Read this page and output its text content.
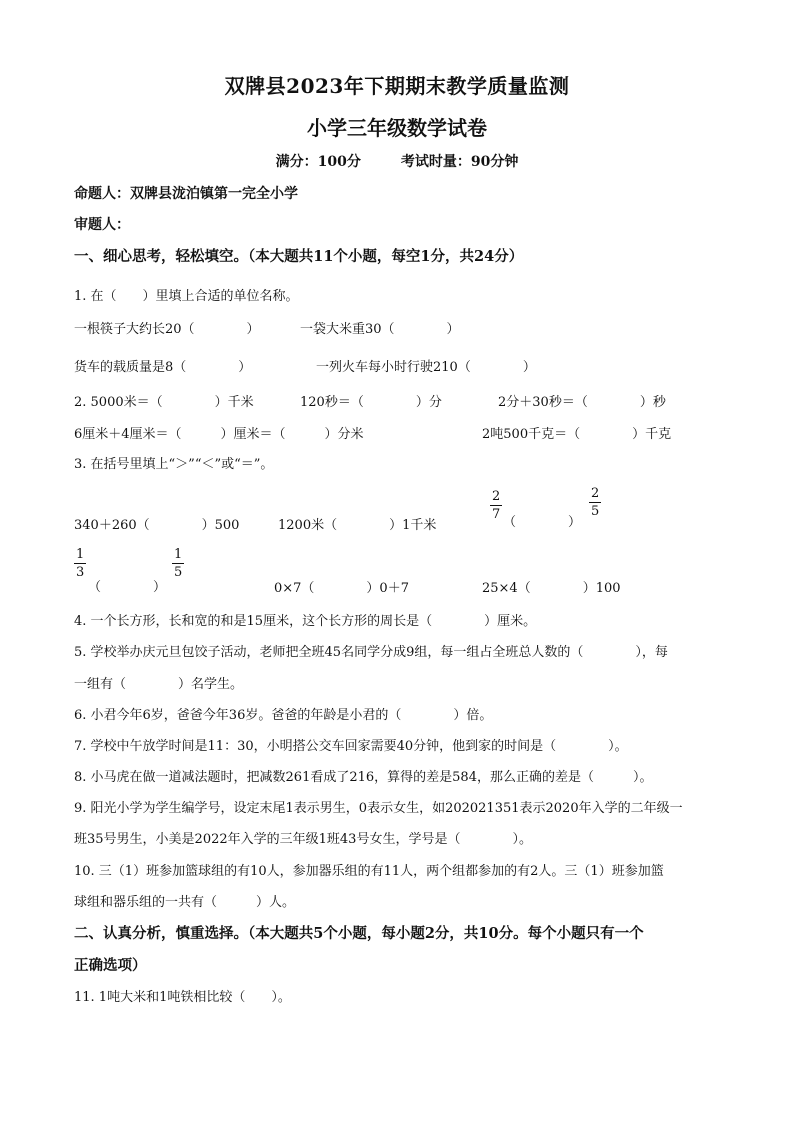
双牌县2023年下期期末教学质量监测
小学三年级数学试卷
满分：100分	考试时量：90分钟
命题人：双牌县泷泊镇第一完全小学
审题人：
一、细心思考，轻松填空。（本大题共11个小题，每空1分，共24分）
1. 在（　　）里填上合适的单位名称。
一根筷子大约长20（　　　　）	一袋大米重30（　　　　）
货车的载质量是8（　　　　）	一列火车每小时行驶210（　　　　）
2. 5000米＝（　　　　）千米	120秒＝（　　　　）分	2分＋30秒＝（　　　　）秒
6厘米＋4厘米＝（　　　）厘米＝（　　　）分米	2吨500千克＝（　　　　）千克
3. 在括号里填上“＞”“＜”或“＝”。
340＋260（　　　　）500	1200米（　　　　）1千米
$\frac{2}{7}$
（　　　　）
$\frac{2}{5}$
$\frac{1}{3}$
（　　　　）
$\frac{1}{5}$
0×7（　　　　）0＋7	25×4（　　　　）100
4. 一个长方形，长和宽的和是15厘米，这个长方形的周长是（　　　　）厘米。
5. 学校举办庆元旦包饺子活动，老师把全班45名同学分成9组，每一组占全班总人数的（　　　　），每
一组有（　　　　）名学生。
6. 小君今年6岁，爸爸今年36岁。爸爸的年龄是小君的（　　　　）倍。
7. 学校中午放学时间是11：30，小明搭公交车回家需要40分钟，他到家的时间是（　　　　）。
8. 小马虎在做一道减法题时，把减数261看成了216，算得的差是584，那么正确的差是（　　　）。
9. 阳光小学为学生编学号，设定末尾1表示男生，0表示女生，如202021351表示2020年入学的二年级一
班35号男生，小美是2022年入学的三年级1班43号女生，学号是（　　　　）。
10. 三（1）班参加篮球组的有10人，参加器乐组的有11人，两个组都参加的有2人。三（1）班参加篮
球组和器乐组的一共有（　　　）人。
二、认真分析，慎重选择。（本大题共5个小题，每小题2分，共10分。每个小题只有一个
正确选项）
11. 1吨大米和1吨铁相比较（　　）。
